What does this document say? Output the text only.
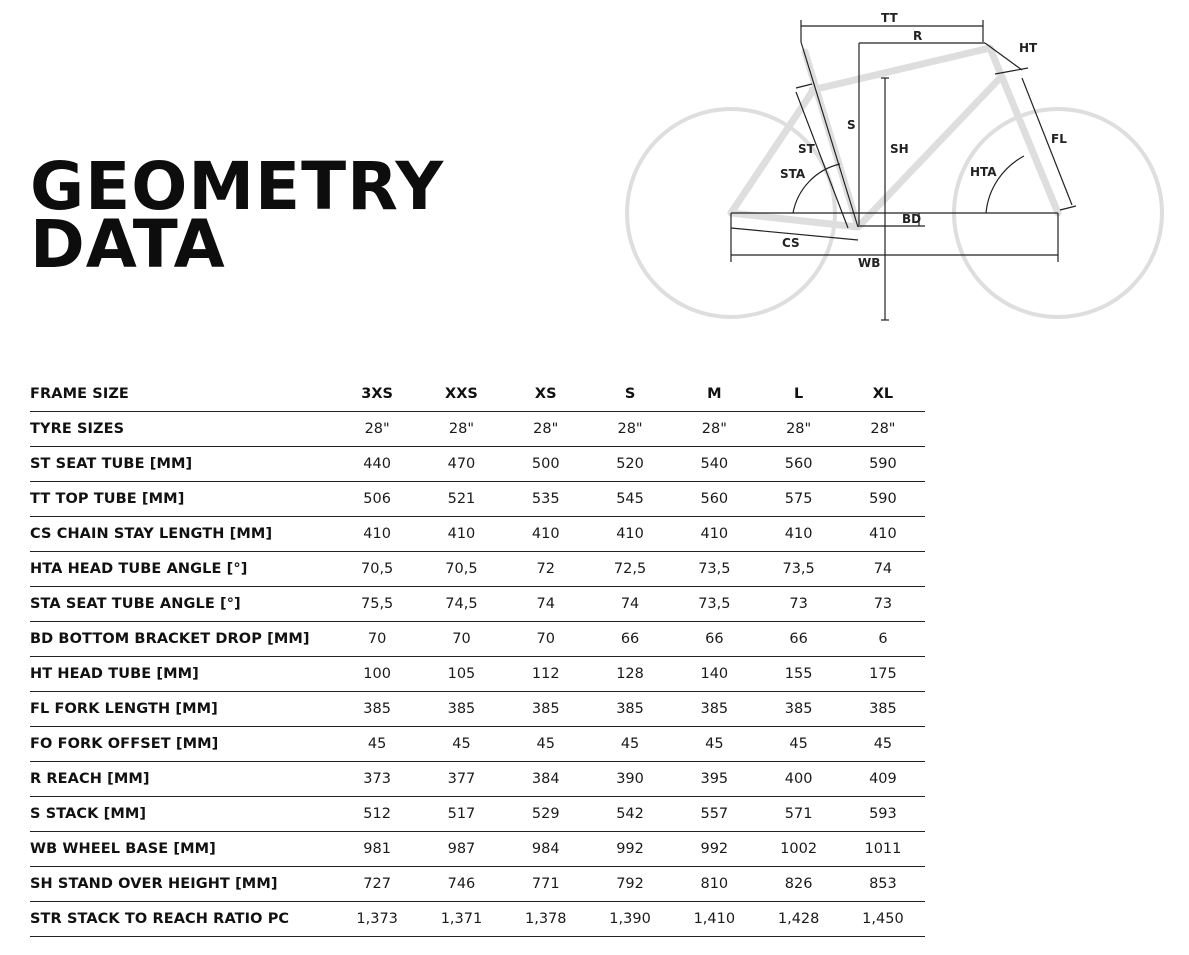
GEOMETRY
DATA
TT
R
HT
S
SH
ST
STA	HTA
FL
BD
CS
WB
FRAME SIZE	3XS	XXS	XS	S	M	L	XL
TYRE SIZES	28"	28"	28"	28"	28"	28"	28"
ST SEAT TUBE [MM]	440	470	500	520	540	560	590
TT TOP TUBE [MM]	506	521	535	545	560	575	590
CS CHAIN STAY LENGTH [MM]	410	410	410	410	410	410	410
HTA HEAD TUBE ANGLE [°]	70,5	70,5	72	72,5	73,5	73,5	74
STA SEAT TUBE ANGLE [°]	75,5	74,5	74	74	73,5	73	73
BD BOTTOM BRACKET DROP [MM]	70	70	70	66	66	66	6
HT HEAD TUBE [MM]	100	105	112	128	140	155	175
FL FORK LENGTH [MM]	385	385	385	385	385	385	385
FO FORK OFFSET [MM]	45	45	45	45	45	45	45
R REACH [MM]	373	377	384	390	395	400	409
S STACK [MM]	512	517	529	542	557	571	593
WB WHEEL BASE [MM]	981	987	984	992	992	1002	1011
SH STAND OVER HEIGHT [MM]	727	746	771	792	810	826	853
STR STACK TO REACH RATIO PC	1,373	1,371	1,378	1,390	1,410	1,428	1,450
